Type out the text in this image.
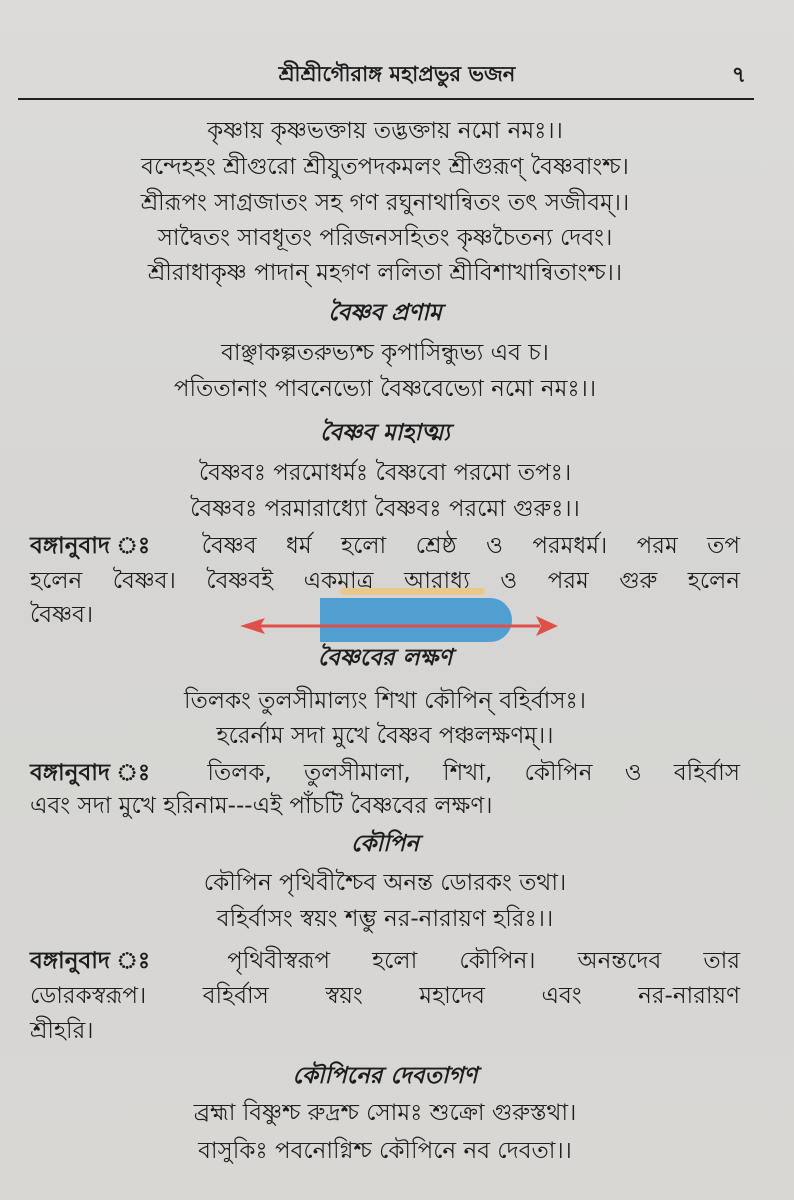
শ্রীশ্রীগৌরাঙ্গ মহাপ্রভুর ভজন	৭
কৃষ্ণায় কৃষ্ণভক্তায় তদ্ভক্তায় নমো নমঃ।।
বন্দেহহং শ্রীগুরো শ্রীযুতপদকমলং শ্রীগুরূণ্ বৈষ্ণবাংশ্চ।
শ্রীরূপং সাগ্রজাতং সহ গণ রঘুনাথান্বিতং তৎ সজীবম্।।
সাদ্বৈতং সাবধূতং পরিজনসহিতং কৃষ্ণচৈতন্য দেবং।
শ্রীরাধাকৃষ্ণ পাদান্ মহগণ ললিতা শ্রীবিশাখান্বিতাংশ্চ।।
বৈষ্ণব প্রণাম
বাঞ্ছাকল্পতরুভ্যশ্চ কৃপাসিন্ধুভ্য এব চ।
পতিতানাং পাবনেভ্যো বৈষ্ণবেভ্যো নমো নমঃ।।
বৈষ্ণব মাহাত্ম্য
বৈষ্ণবঃ পরমোধর্মঃ বৈষ্ণবো পরমো তপঃ।
বৈষ্ণবঃ পরমারাধ্যো বৈষ্ণবঃ পরমো গুরুঃ।।
বঙ্গানুবাদ ঃ বৈষ্ণব ধর্ম হলো শ্রেষ্ঠ ও পরমধর্ম। পরম তপ
হলেন বৈষ্ণব। বৈষ্ণবই একমাত্র আরাধ্য ও পরম গুরু হলেন
বৈষ্ণব।
বৈষ্ণবের লক্ষণ
তিলকং তুলসীমাল্যং শিখা কৌপিন্ বহির্বাসঃ।
হরের্নাম সদা মুখে বৈষ্ণব পঞ্চলক্ষণম্।।
বঙ্গানুবাদ ঃ তিলক, তুলসীমালা, শিখা, কৌপিন ও বহির্বাস
এবং সদা মুখে হরিনাম---এই পাঁচটি বৈষ্ণবের লক্ষণ।
কৌপিন
কৌপিন পৃথিবীশ্চৈব অনন্ত ডোরকং তথা।
বহির্বাসং স্বয়ং শম্ভু নর-নারায়ণ হরিঃ।।
বঙ্গানুবাদ ঃ পৃথিবীস্বরূপ হলো কৌপিন। অনন্তদেব তার
ডোরকস্বরূপ। বহির্বাস স্বয়ং মহাদেব এবং নর-নারায়ণ
শ্রীহরি।
কৌপিনের দেবতাগণ
ব্রহ্মা বিষ্ণুশ্চ রুদ্রশ্চ সোমঃ শুক্রো গুরুস্তথা।
বাসুকিঃ পবনোগ্নিশ্চ কৌপিনে নব দেবতা।।
